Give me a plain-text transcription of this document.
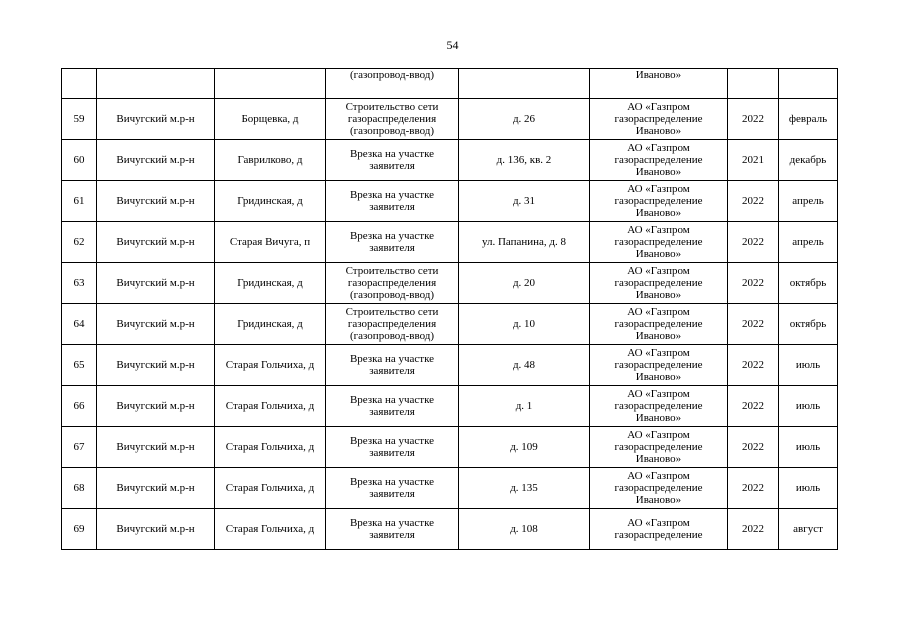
54

			(газопровод-ввод)		Иваново»		

59	Вичугский м.р-н	Борщевка, д	Строительство сети
газораспределения
(газопровод-ввод)	д. 26	АО «Газпром
газораспределение
Иваново»	2022	февраль

60	Вичугский м.р-н	Гаврилково, д	Врезка на участке
заявителя	д. 136, кв. 2	АО «Газпром
газораспределение
Иваново»	2021	декабрь

61	Вичугский м.р-н	Гридинская, д	Врезка на участке
заявителя	д. 31	АО «Газпром
газораспределение
Иваново»	2022	апрель

62	Вичугский м.р-н	Старая Вичуга, п	Врезка на участке
заявителя	ул. Папанина, д. 8	АО «Газпром
газораспределение
Иваново»	2022	апрель

63	Вичугский м.р-н	Гридинская, д	Строительство сети
газораспределения
(газопровод-ввод)	д. 20	АО «Газпром
газораспределение
Иваново»	2022	октябрь

64	Вичугский м.р-н	Гридинская, д	Строительство сети
газораспределения
(газопровод-ввод)	д. 10	АО «Газпром
газораспределение
Иваново»	2022	октябрь

65	Вичугский м.р-н	Старая Гольчиха, д	Врезка на участке
заявителя	д. 48	АО «Газпром
газораспределение
Иваново»	2022	июль

66	Вичугский м.р-н	Старая Гольчиха, д	Врезка на участке
заявителя	д. 1	АО «Газпром
газораспределение
Иваново»	2022	июль

67	Вичугский м.р-н	Старая Гольчиха, д	Врезка на участке
заявителя	д. 109	АО «Газпром
газораспределение
Иваново»	2022	июль

68	Вичугский м.р-н	Старая Гольчиха, д	Врезка на участке
заявителя	д. 135	АО «Газпром
газораспределение
Иваново»	2022	июль

69	Вичугский м.р-н	Старая Гольчиха, д	Врезка на участке
заявителя	д. 108	АО «Газпром
газораспределение	2022	август
